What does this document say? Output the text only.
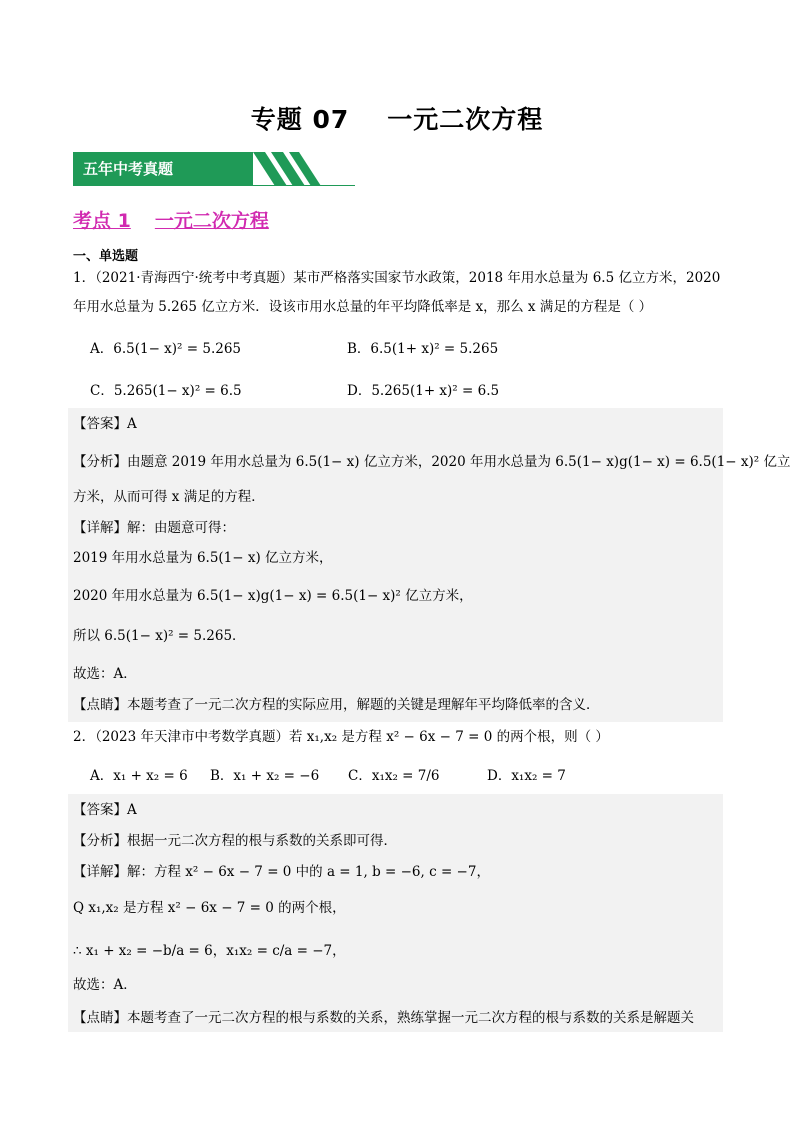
专题 07 一元二次方程
五年中考真题
考点 1 一元二次方程
一、单选题
1．（2021·青海西宁·统考中考真题）某市严格落实国家节水政策，2018 年用水总量为 6.5 亿立方米，2020
年用水总量为 5.265 亿立方米．设该市用水总量的年平均降低率是 x，那么 x 满足的方程是（ ）
A．6.5(1− x)² = 5.265	B．6.5(1+ x)² = 5.265
C．5.265(1− x)² = 6.5	D．5.265(1+ x)² = 6.5
【答案】A
【分析】由题意 2019 年用水总量为 6.5(1− x) 亿立方米，2020 年用水总量为 6.5(1− x)g(1− x) = 6.5(1− x)² 亿立
方米，从而可得 x 满足的方程．
【详解】解：由题意可得：
2019 年用水总量为 6.5(1− x) 亿立方米，
2020 年用水总量为 6.5(1− x)g(1− x) = 6.5(1− x)² 亿立方米，
所以 6.5(1− x)² = 5.265．
故选：A．
【点睛】本题考查了一元二次方程的实际应用，解题的关键是理解年平均降低率的含义．
2．（2023 年天津市中考数学真题）若 x₁,x₂ 是方程 x² − 6x − 7 = 0 的两个根，则（ ）
A．x₁ + x₂ = 6 B．x₁ + x₂ = −6 C．x₁x₂ = 7/6	D．x₁x₂ = 7
【答案】A
【分析】根据一元二次方程的根与系数的关系即可得．
【详解】解：方程 x² − 6x − 7 = 0 中的 a = 1, b = −6, c = −7，
Q x₁,x₂ 是方程 x² − 6x − 7 = 0 的两个根，
∴ x₁ + x₂ = −b/a = 6，x₁x₂ = c/a = −7，
故选：A．
【点睛】本题考查了一元二次方程的根与系数的关系，熟练掌握一元二次方程的根与系数的关系是解题关
